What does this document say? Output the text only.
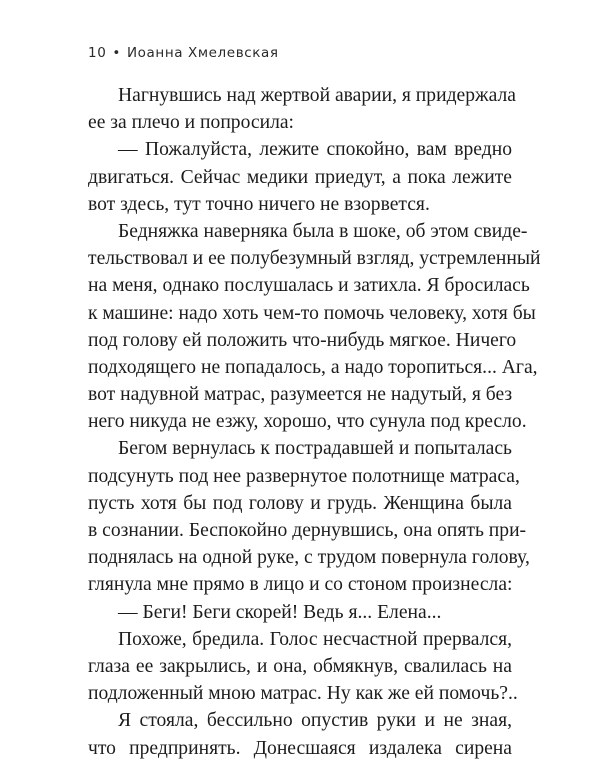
10 • Иоанна Хмелевская
Нагнувшись над жертвой аварии, я придержала
ее за плечо и попросила:
— Пожалуйста, лежите спокойно, вам вредно
двигаться. Сейчас медики приедут, а пока лежите
вот здесь, тут точно ничего не взорвется.
Бедняжка наверняка была в шоке, об этом свиде-
тельствовал и ее полубезумный взгляд, устремленный
на меня, однако послушалась и затихла. Я бросилась
к машине: надо хоть чем-то помочь человеку, хотя бы
под голову ей положить что-нибудь мягкое. Ничего
подходящего не попадалось, а надо торопиться... Ага,
вот надувной матрас, разумеется не надутый, я без
него никуда не езжу, хорошо, что сунула под кресло.
Бегом вернулась к пострадавшей и попыталась
подсунуть под нее развернутое полотнище матраса,
пусть хотя бы под голову и грудь. Женщина была
в сознании. Беспокойно дернувшись, она опять при-
поднялась на одной руке, с трудом повернула голову,
глянула мне прямо в лицо и со стоном произнесла:
— Беги! Беги скорей! Ведь я... Елена...
Похоже, бредила. Голос несчастной прервался,
глаза ее закрылись, и она, обмякнув, свалилась на
подложенный мною матрас. Ну как же ей помочь?..
Я стояла, бессильно опустив руки и не зная,
что предпринять. Донесшаяся издалека сирена
